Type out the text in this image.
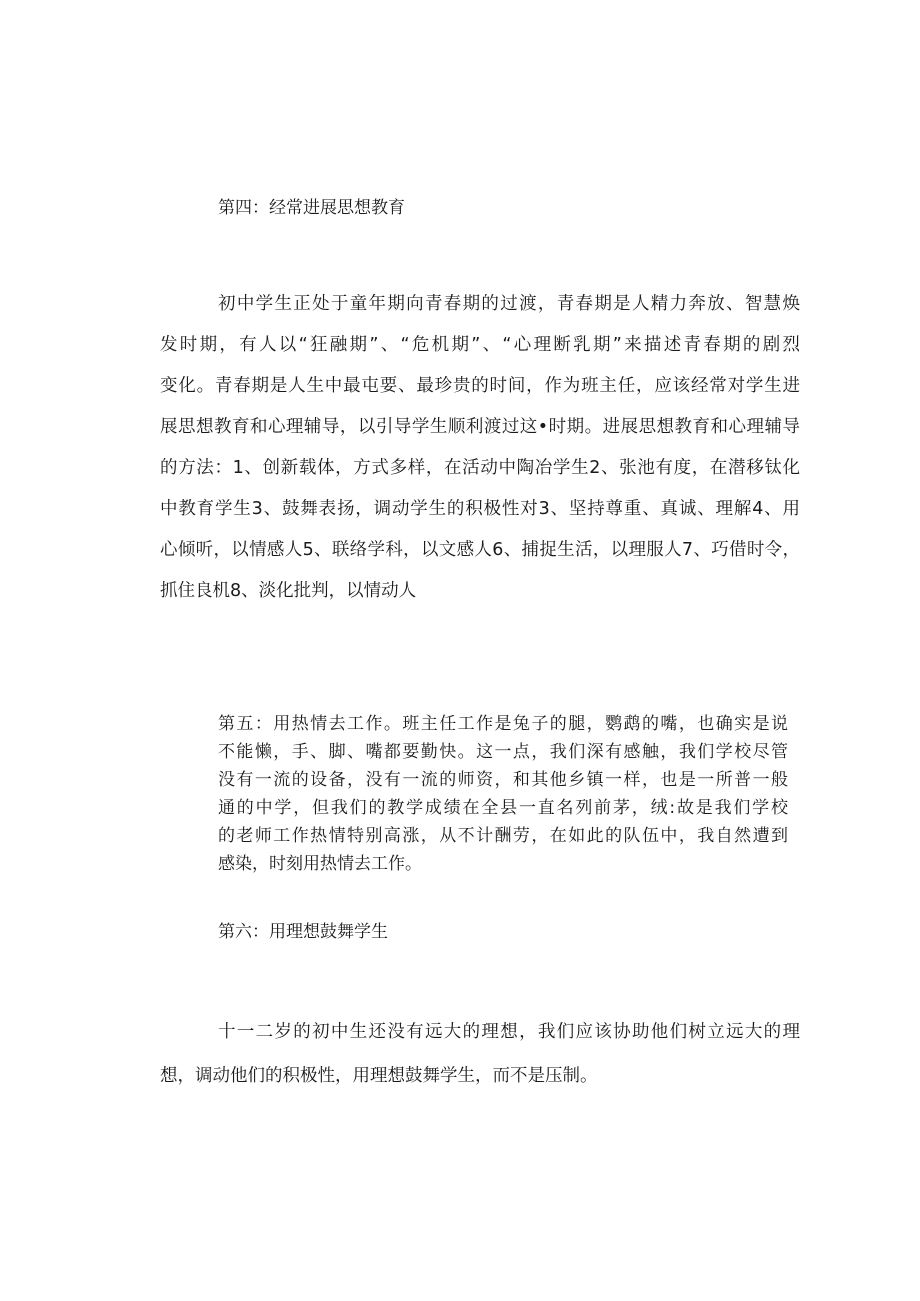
第四：经常进展思想教育

初中学生正处于童年期向青春期的过渡，青春期是人精力奔放、智慧焕
发时期，有人以“狂融期”、“危机期”、“心理断乳期”来描述青春期的剧烈
变化。青春期是人生中最屯要、最珍贵的时间，作为班主任，应该经常对学生进
展思想教育和心理辅导，以引导学生顺利渡过这•时期。进展思想教育和心理辅导
的方法：1、创新载体，方式多样，在活动中陶冶学生2、张池有度，在潜移钛化
中教育学生3、鼓舞表扬，调动学生的积极性对3、坚持尊重、真诚、理解4、用
心倾听，以情感人5、联络学科，以文感人6、捕捉生活，以理服人7、巧借时令，
抓住良机8、淡化批判，以情动人

第五：用热情去工作。班主任工作是兔子的腿，鹦鹉的嘴，也确实是说
不能懒，手、脚、嘴都要勤快。这一点，我们深有感触，我们学校尽管
没有一流的设备，没有一流的师资，和其他乡镇一样，也是一所普一般
通的中学，但我们的教学成绩在全县一直名列前茅，绒:故是我们学校
的老师工作热情特别高涨，从不计酬劳，在如此的队伍中，我自然遭到
感染，时刻用热情去工作。

第六：用理想鼓舞学生

十一二岁的初中生还没有远大的理想，我们应该协助他们树立远大的理
想，调动他们的积极性，用理想鼓舞学生，而不是压制。
